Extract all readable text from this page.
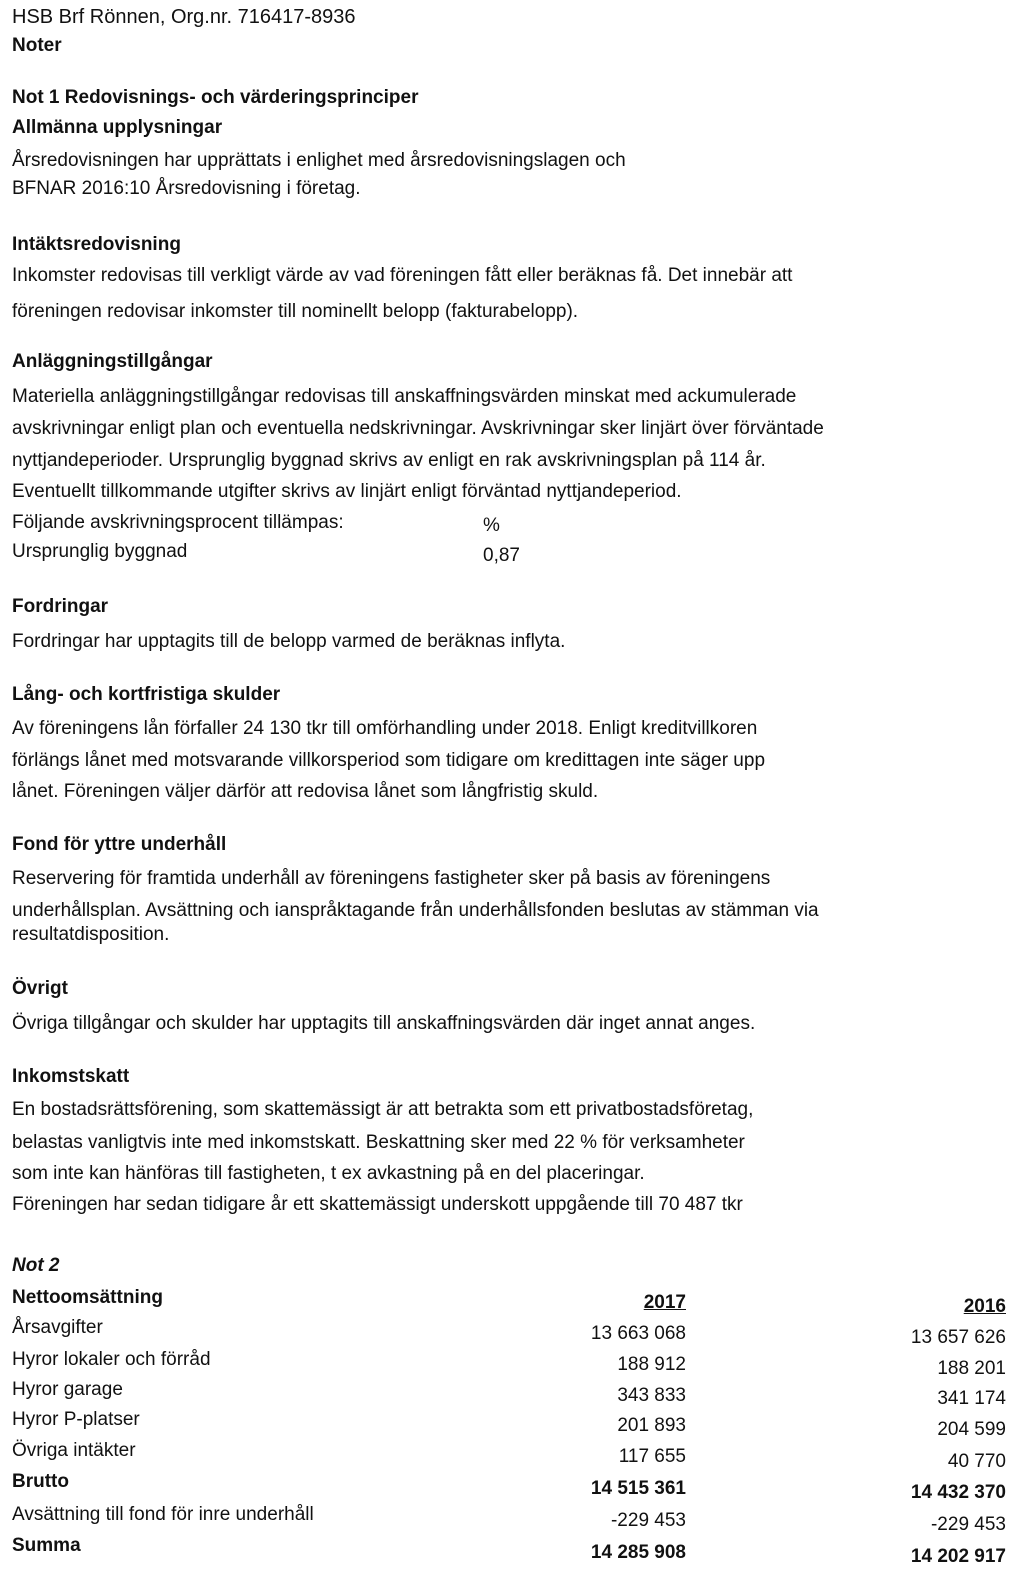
HSB Brf Rönnen, Org.nr. 716417-8936
Noter
Not 1 Redovisnings- och värderingsprinciper
Allmänna upplysningar
Årsredovisningen har upprättats i enlighet med årsredovisningslagen och
BFNAR 2016:10 Årsredovisning i företag.
Intäktsredovisning
Inkomster redovisas till verkligt värde av vad föreningen fått eller beräknas få. Det innebär att
föreningen redovisar inkomster till nominellt belopp (fakturabelopp).
Anläggningstillgångar
Materiella anläggningstillgångar redovisas till anskaffningsvärden minskat med ackumulerade
avskrivningar enligt plan och eventuella nedskrivningar. Avskrivningar sker linjärt över förväntade
nyttjandeperioder. Ursprunglig byggnad skrivs av enligt en rak avskrivningsplan på 114 år.
Eventuellt tillkommande utgifter skrivs av linjärt enligt förväntad nyttjandeperiod.
Följande avskrivningsprocent tillämpas:	%
Ursprunglig byggnad	0,87
Fordringar
Fordringar har upptagits till de belopp varmed de beräknas inflyta.
Lång- och kortfristiga skulder
Av föreningens lån förfaller 24 130 tkr till omförhandling under 2018. Enligt kreditvillkoren
förlängs lånet med motsvarande villkorsperiod som tidigare om kredittagen inte säger upp
lånet. Föreningen väljer därför att redovisa lånet som långfristig skuld.
Fond för yttre underhåll
Reservering för framtida underhåll av föreningens fastigheter sker på basis av föreningens
underhållsplan. Avsättning och ianspråktagande från underhållsfonden beslutas av stämman via
resultatdisposition.
Övrigt
Övriga tillgångar och skulder har upptagits till anskaffningsvärden där inget annat anges.
Inkomstskatt
En bostadsrättsförening, som skattemässigt är att betrakta som ett privatbostadsföretag,
belastas vanligtvis inte med inkomstskatt. Beskattning sker med 22 % för verksamheter
som inte kan hänföras till fastigheten, t ex avkastning på en del placeringar.
Föreningen har sedan tidigare år ett skattemässigt underskott uppgående till 70 487 tkr
Not 2
Nettoomsättning	2017	2016
Årsavgifter	13 663 068	13 657 626
Hyror lokaler och förråd	188 912	188 201
Hyror garage	343 833	341 174
Hyror P-platser	201 893	204 599
Övriga intäkter	117 655	40 770
Brutto	14 515 361	14 432 370
Avsättning till fond för inre underhåll	-229 453	-229 453
Summa	14 285 908	14 202 917
